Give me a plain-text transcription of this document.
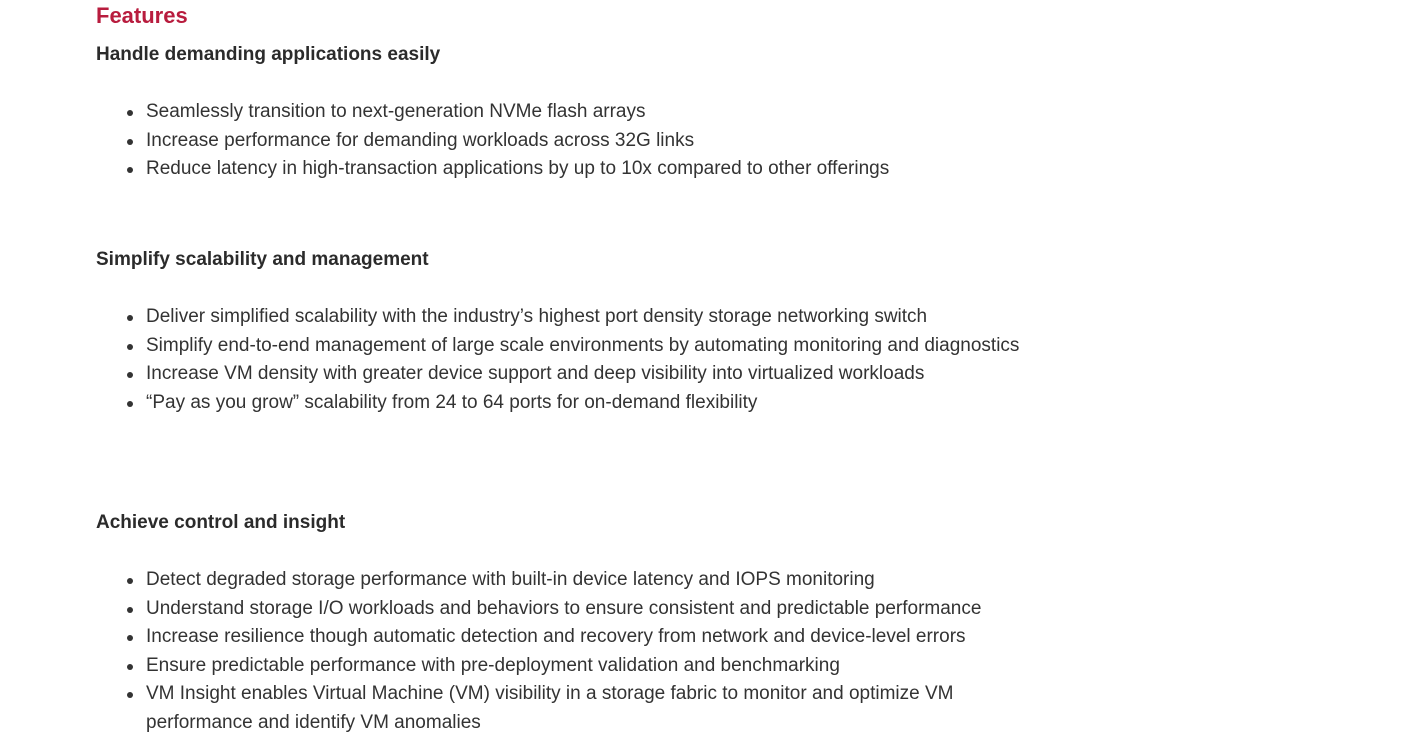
Features
Handle demanding applications easily
Seamlessly transition to next-generation NVMe flash arrays
Increase performance for demanding workloads across 32G links
Reduce latency in high-transaction applications by up to 10x compared to other offerings
Simplify scalability and management
Deliver simplified scalability with the industry’s highest port density storage networking switch
Simplify end-to-end management of large scale environments by automating monitoring and diagnostics
Increase VM density with greater device support and deep visibility into virtualized workloads
“Pay as you grow” scalability from 24 to 64 ports for on-demand flexibility
Achieve control and insight
Detect degraded storage performance with built-in device latency and IOPS monitoring
Understand storage I/O workloads and behaviors to ensure consistent and predictable performance
Increase resilience though automatic detection and recovery from network and device-level errors
Ensure predictable performance with pre-deployment validation and benchmarking
VM Insight enables Virtual Machine (VM) visibility in a storage fabric to monitor and optimize VM performance and identify VM anomalies
